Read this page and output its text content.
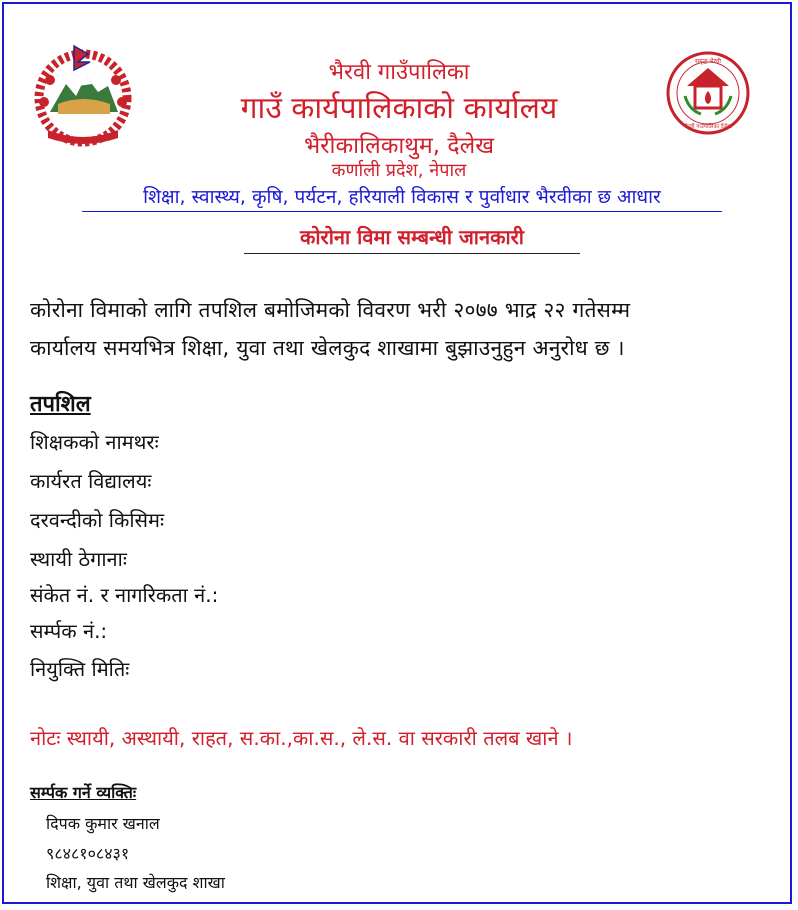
समृद्ध भैरवी
भैरवी गाउँपालिका दैलेख
भैरवी गाउँपालिका
गाउँ कार्यपालिकाको कार्यालय
भैरीकालिकाथुम, दैलेख
कर्णाली प्रदेश, नेपाल
शिक्षा, स्वास्थ्य, कृषि, पर्यटन, हरियाली विकास र पुर्वाधार भैरवीका छ आधार
कोरोना विमा सम्बन्धी जानकारी
कोरोना विमाको लागि तपशिल बमोजिमको विवरण भरी २०७७ भाद्र २२ गतेसम्म
कार्यालय समयभित्र शिक्षा, युवा तथा खेलकुद शाखामा बुझाउनुहुन अनुरोध छ ।
तपशिल
शिक्षकको नामथरः
कार्यरत विद्यालयः
दरवन्दीको किसिमः
स्थायी ठेगानाः
संकेत नं. र नागरिकता नं.:
सर्म्पक नं.:
नियुक्ति मितिः
नोटः स्थायी, अस्थायी, राहत, स.का.,का.स., ले.स. वा सरकारी तलब खाने ।
सर्म्पक गर्ने व्यक्तिः
दिपक कुमार खनाल
९८४८१०८४३१
शिक्षा, युवा तथा खेलकुद शाखा
